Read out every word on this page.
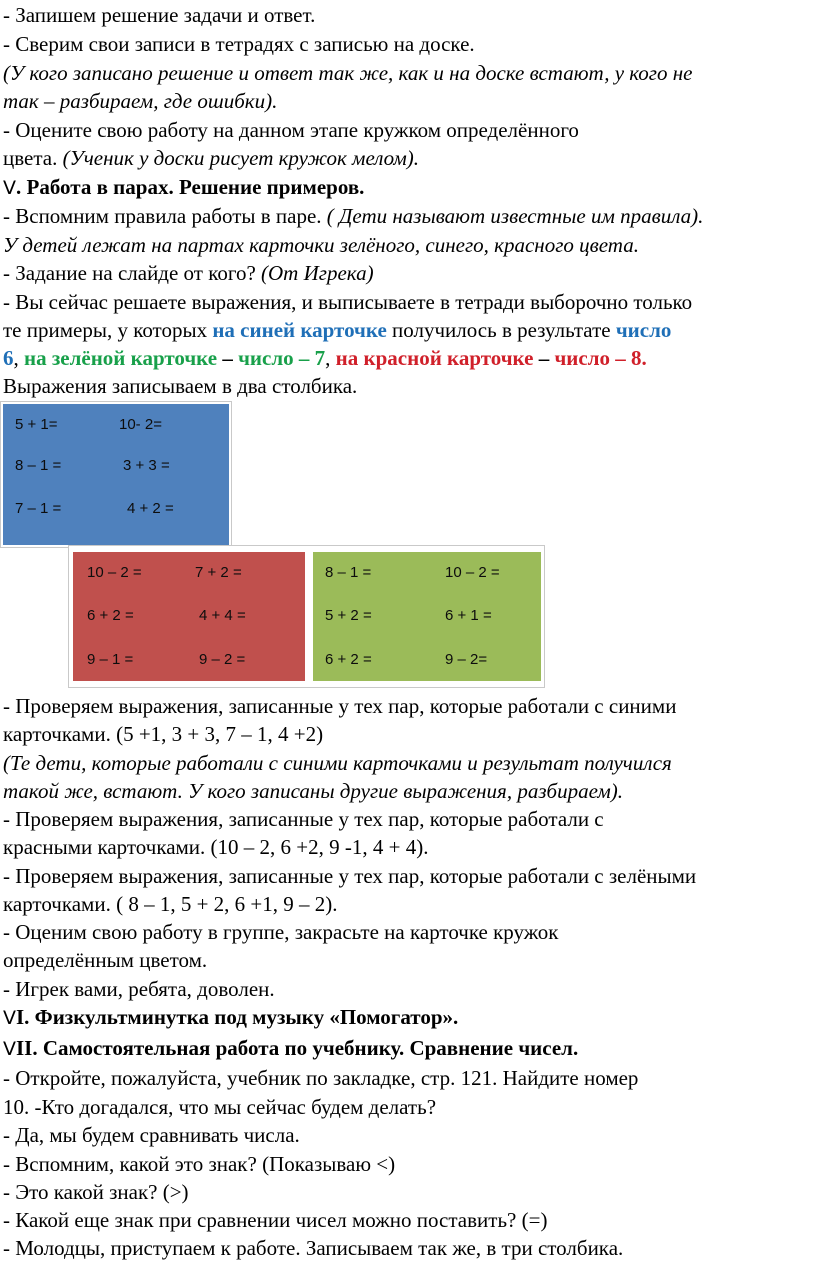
- Запишем решение задачи и ответ.
- Сверим свои записи в тетрадях с записью на доске.
(У кого записано решение и ответ так же, как и на доске встают, у кого не
так – разбираем, где ошибки).
- Оцените свою работу на данном этапе кружком определённого
цвета. (Ученик у доски рисует кружок мелом).
V. Работа в парах. Решение примеров.
- Вспомним правила работы в паре. ( Дети называют известные им правила).
У детей лежат на партах карточки зелёного, синего, красного цвета.
- Задание на слайде от кого? (От Игрека)
- Вы сейчас решаете выражения, и выписываете в тетради выборочно только
те примеры, у которых на синей карточке получилось в результате число
6, на зелёной карточке – число – 7, на красной карточке – число – 8.
Выражения записываем в два столбика.
5 + 1=	10- 2=
8 – 1 =	3 + 3 =
7 – 1 =	4 + 2 =
10 – 2 =	7 + 2 =
6 + 2 =	4 + 4 =
9 – 1 =	9 – 2 =
8 – 1 =	10 – 2 =
5 + 2 =	6 + 1 =
6 + 2 =	9 – 2=
- Проверяем выражения, записанные у тех пар, которые работали с синими
карточками. (5 +1, 3 + 3, 7 – 1, 4 +2)
(Те дети, которые работали с синими карточками и результат получился
такой же, встают. У кого записаны другие выражения, разбираем).
- Проверяем выражения, записанные у тех пар, которые работали с
красными карточками. (10 – 2, 6 +2, 9 -1, 4 + 4).
- Проверяем выражения, записанные у тех пар, которые работали с зелёными
карточками. ( 8 – 1, 5 + 2, 6 +1, 9 – 2).
- Оценим свою работу в группе, закрасьте на карточке кружок
определённым цветом.
- Игрек вами, ребята, доволен.
VI. Физкультминутка под музыку «Помогатор».
VII. Самостоятельная работа по учебнику. Сравнение чисел.
- Откройте, пожалуйста, учебник по закладке, стр. 121. Найдите номер
10. -Кто догадался, что мы сейчас будем делать?
- Да, мы будем сравнивать числа.
- Вспомним, какой это знак? (Показываю <)
- Это какой знак? (>)
- Какой еще знак при сравнении чисел можно поставить? (=)
- Молодцы, приступаем к работе. Записываем так же, в три столбика.
